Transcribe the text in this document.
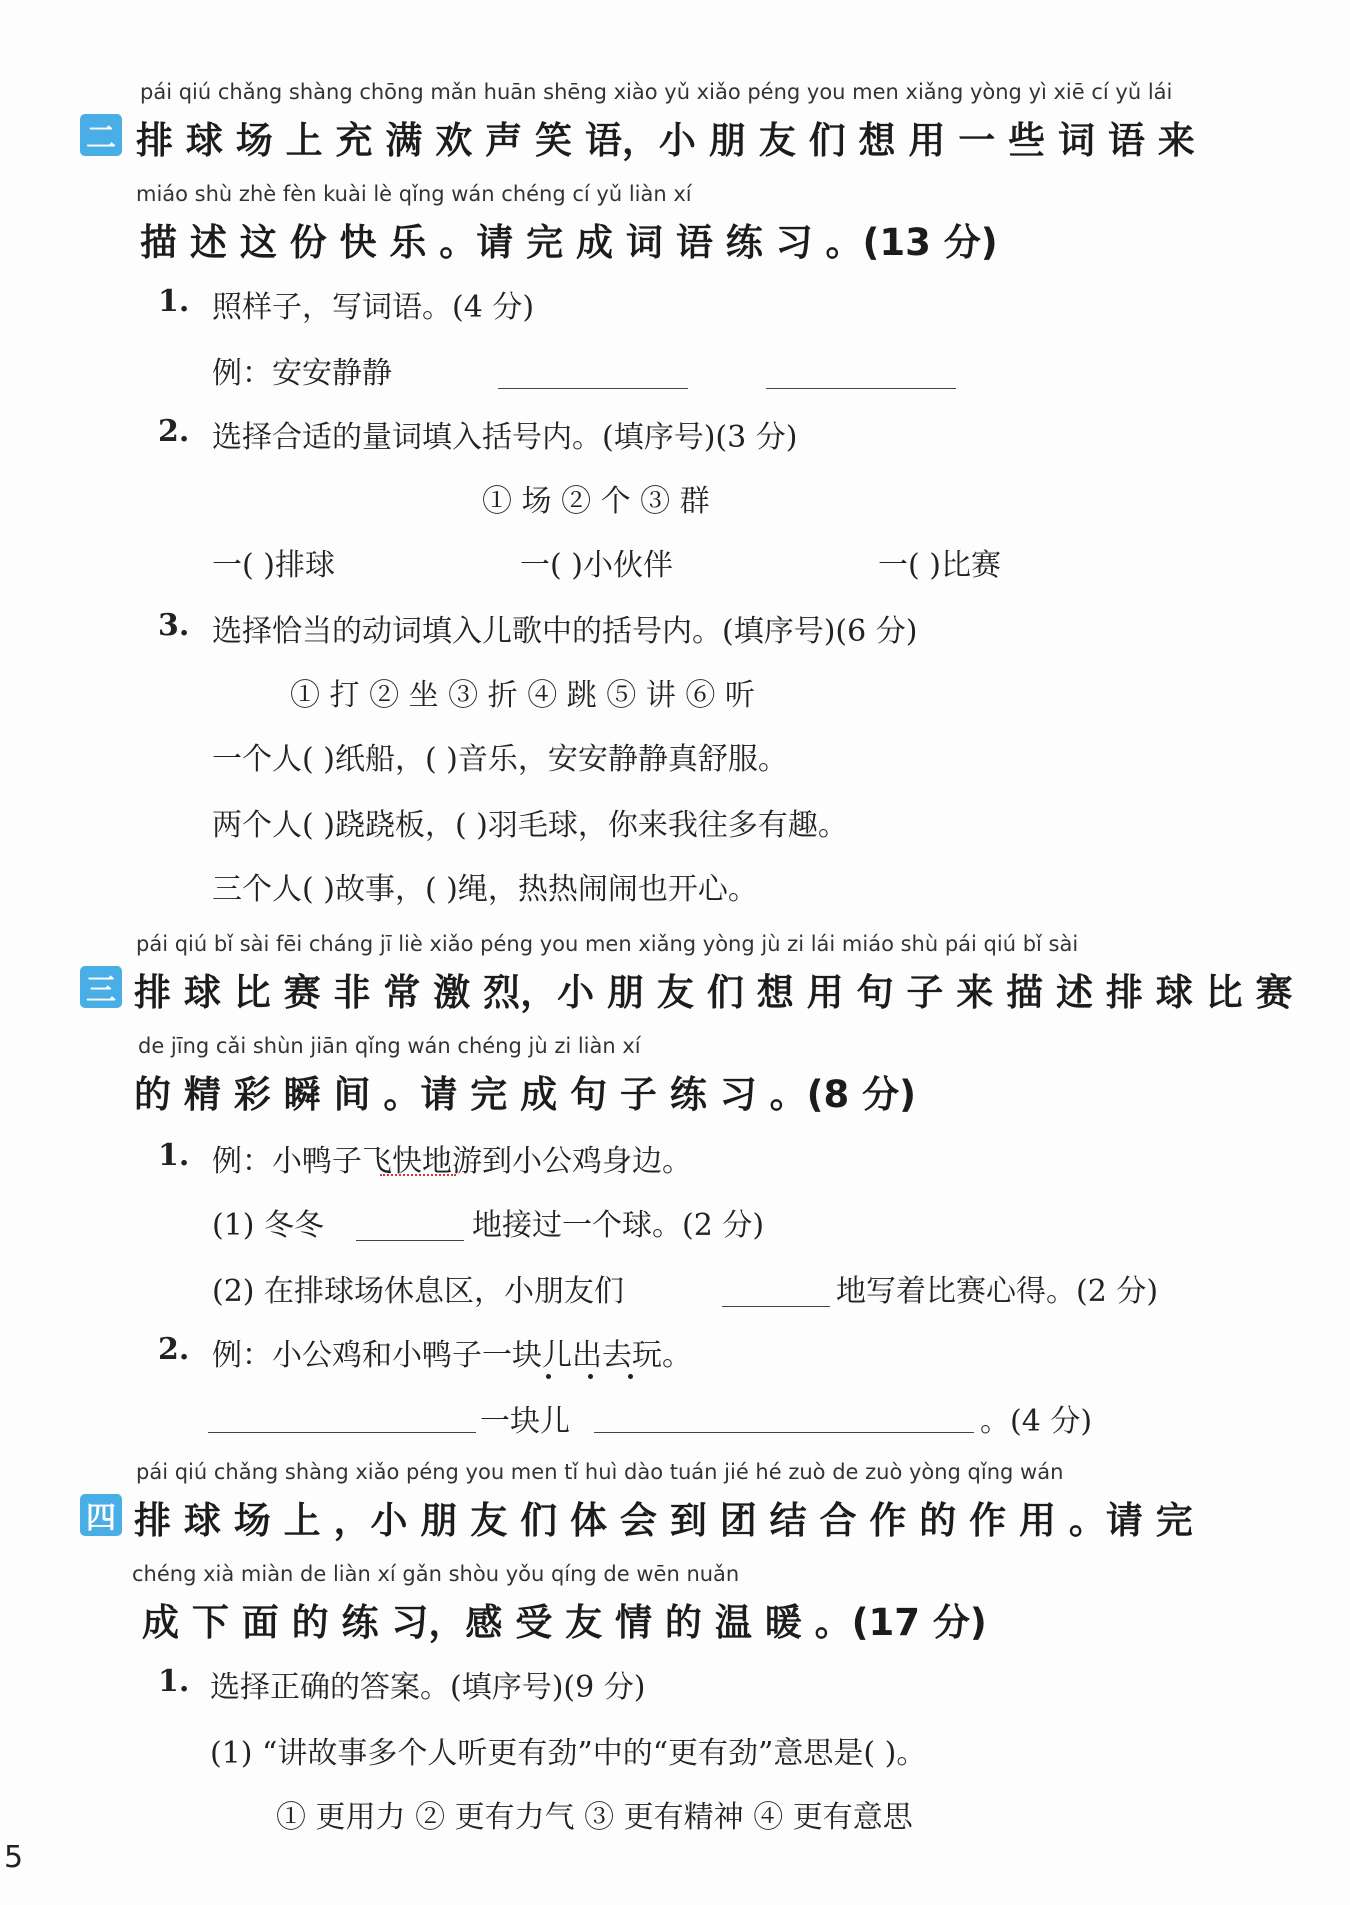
pái qiú chǎng shàng chōng mǎn huān shēng xiào yǔ xiǎo péng you men xiǎng yòng yì xiē cí yǔ lái
二 排 球 场 上 充 满 欢 声 笑 语，小 朋 友 们 想 用 一 些 词 语 来
miáo shù zhè fèn kuài lè qǐng wán chéng cí yǔ liàn xí
描 述 这 份 快 乐 。请 完 成 词 语 练 习 。(13 分)
1. 照样子，写词语。(4 分)
例：安安静静
2. 选择合适的量词填入括号内。(填序号)(3 分)
① 场 ② 个 ③ 群
一( )排球	一( )小伙伴	一( )比赛
3. 选择恰当的动词填入儿歌中的括号内。(填序号)(6 分)
① 打 ② 坐 ③ 折 ④ 跳 ⑤ 讲 ⑥ 听
一个人( )纸船，( )音乐，安安静静真舒服。
两个人( )跷跷板，( )羽毛球，你来我往多有趣。
三个人( )故事，( )绳，热热闹闹也开心。
pái qiú bǐ sài fēi cháng jī liè xiǎo péng you men xiǎng yòng jù zi lái miáo shù pái qiú bǐ sài
三 排 球 比 赛 非 常 激 烈，小 朋 友 们 想 用 句 子 来 描 述 排 球 比 赛
de jīng cǎi shùn jiān qǐng wán chéng jù zi liàn xí
的 精 彩 瞬 间 。请 完 成 句 子 练 习 。(8 分)
1. 例：小鸭子飞快地游到小公鸡身边。
(1) 冬冬	地接过一个球。(2 分)
(2) 在排球场休息区，小朋友们	地写着比赛心得。(2 分)
2. 例：小公鸡和小鸭子一块儿出去玩。
一块儿	。(4 分)
pái qiú chǎng shàng xiǎo péng you men tǐ huì dào tuán jié hé zuò de zuò yòng qǐng wán
四 排 球 场 上 ，小 朋 友 们 体 会 到 团 结 合 作 的 作 用 。请 完
chéng xià miàn de liàn xí gǎn shòu yǒu qíng de wēn nuǎn
成 下 面 的 练 习，感 受 友 情 的 温 暖 。(17 分)
1. 选择正确的答案。(填序号)(9 分)
(1) “讲故事多个人听更有劲”中的“更有劲”意思是( )。
① 更用力 ② 更有力气 ③ 更有精神 ④ 更有意思
5
